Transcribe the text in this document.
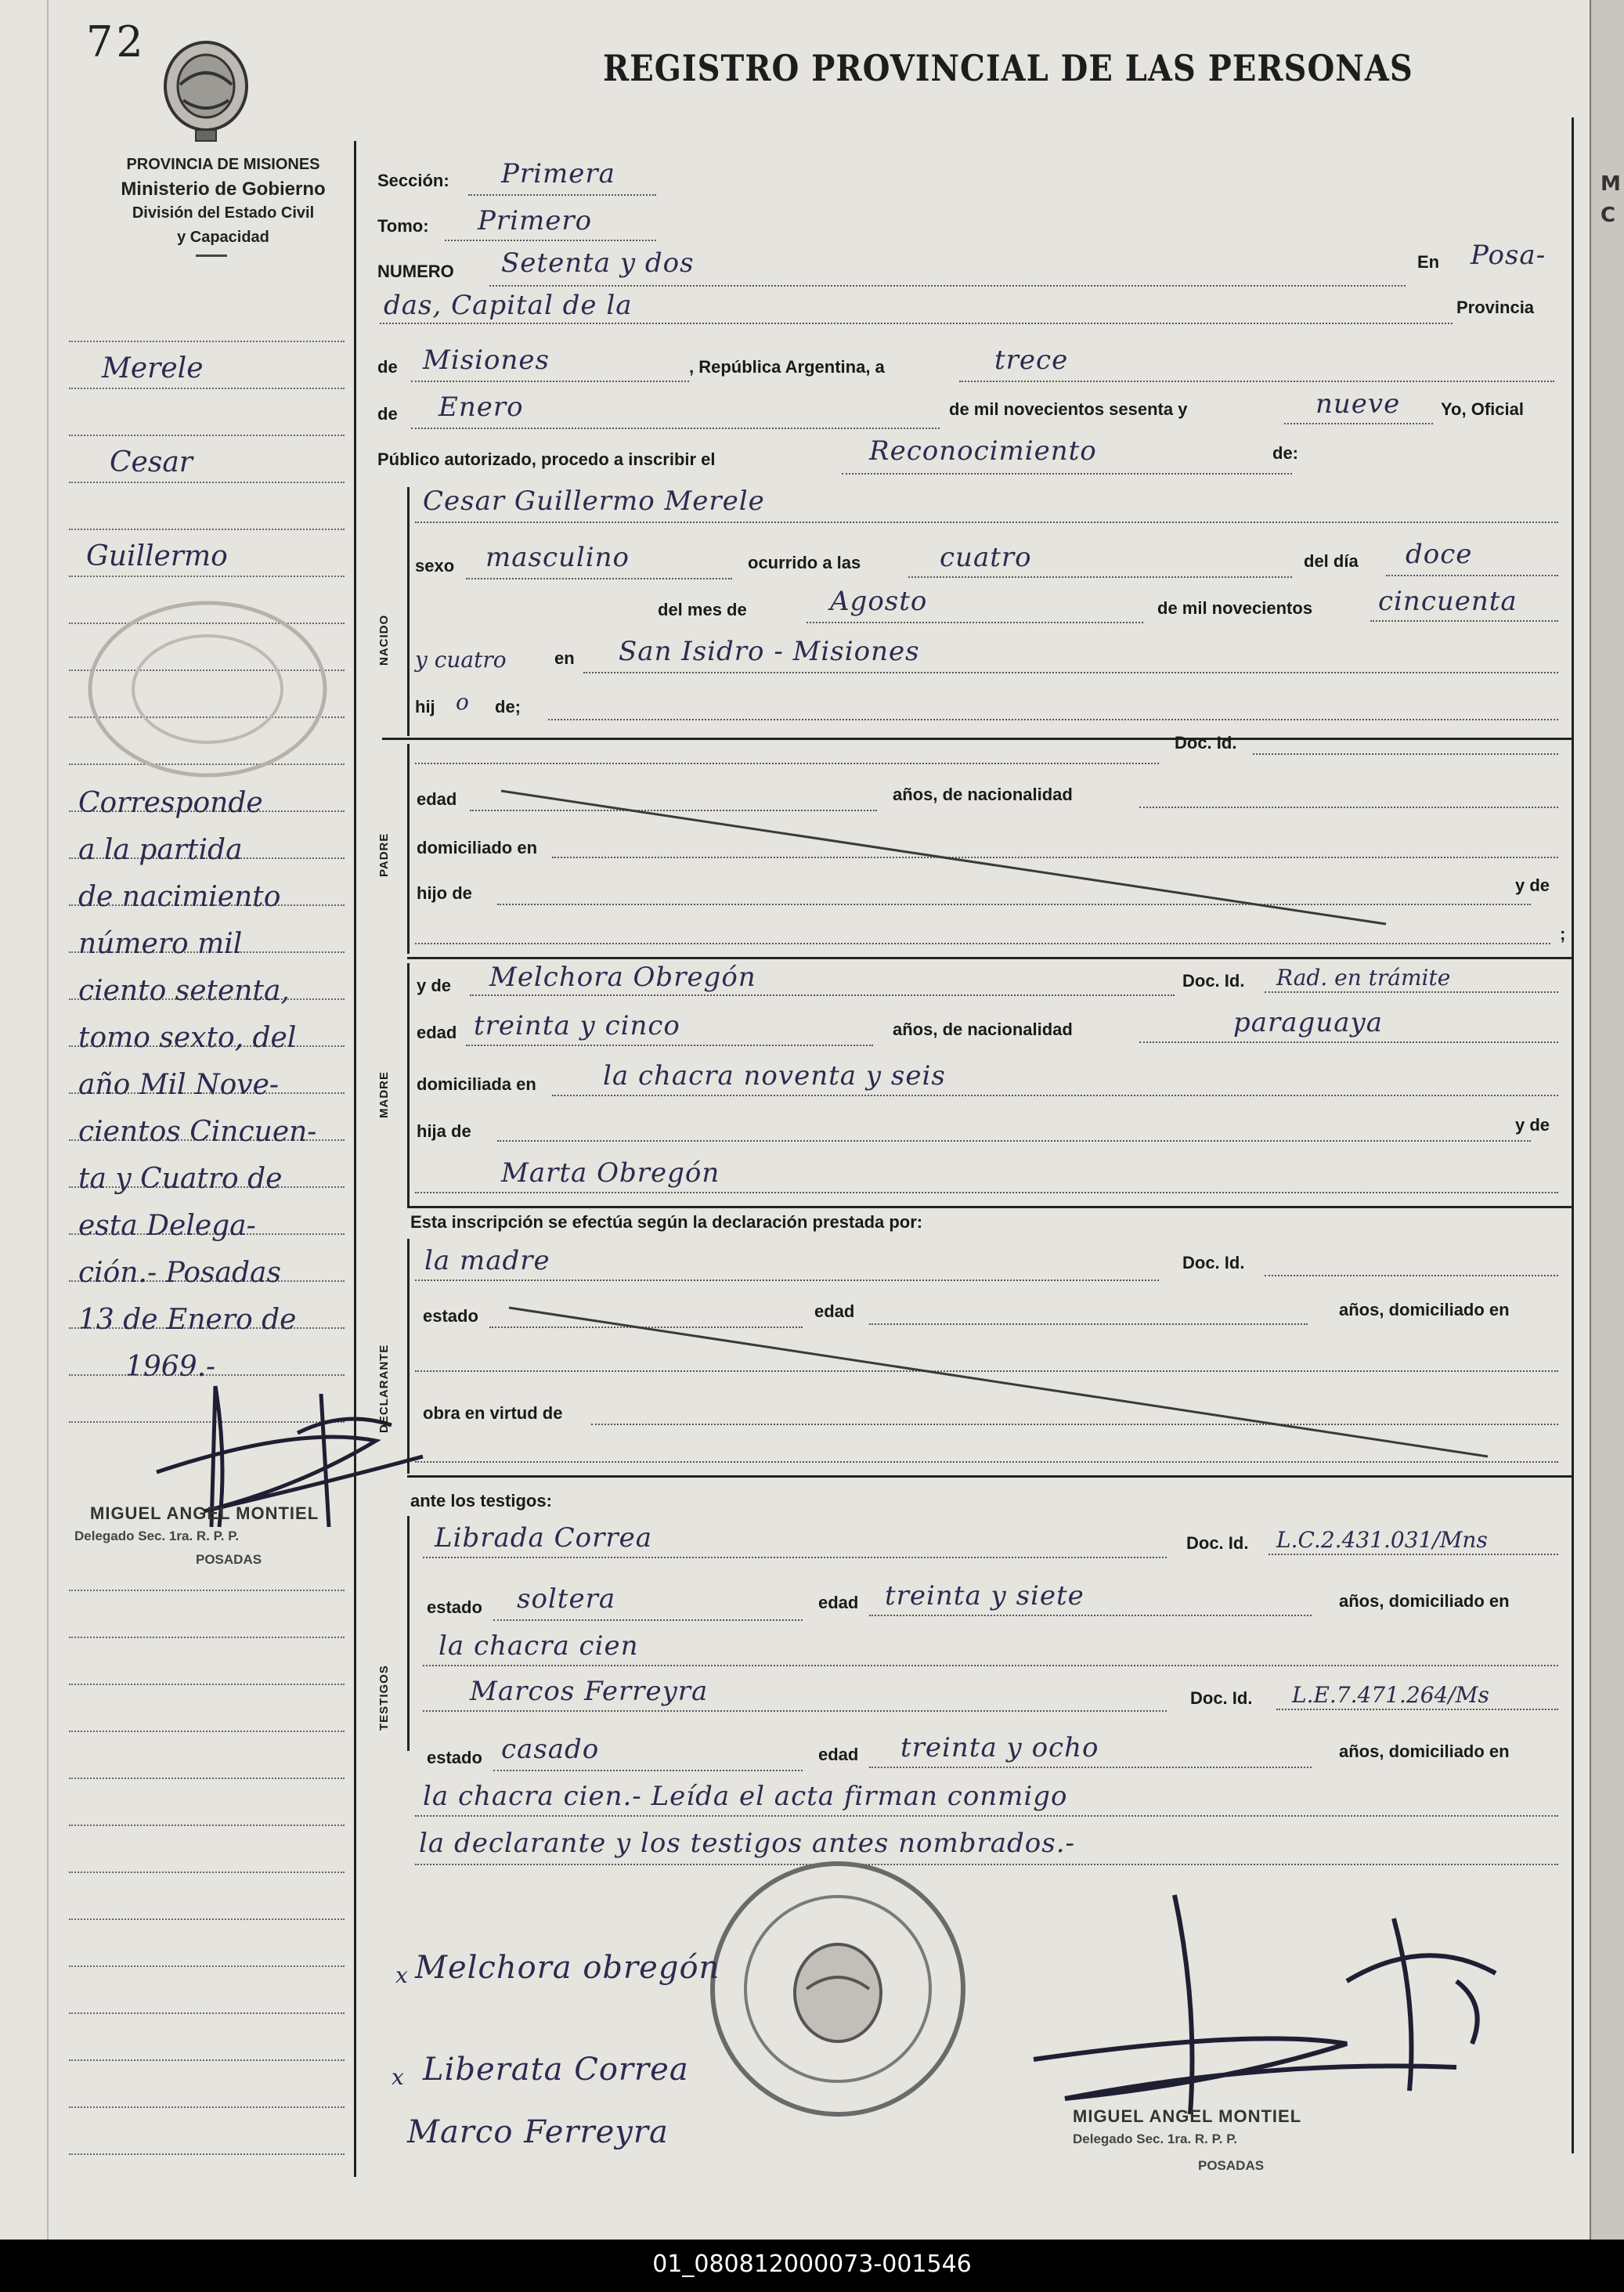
72
REGISTRO PROVINCIAL DE LAS PERSONAS
PROVINCIA DE MISIONES
Ministerio de Gobierno
División del Estado Civil
y Capacidad
Merele
Cesar
Guillermo
Corresponde
a la partida
de nacimiento
número mil
ciento setenta,
tomo sexto, del
año Mil Nove-
cientos Cincuen-
ta y Cuatro de
esta Delega-
ción.- Posadas
13 de Enero de
1969.-
MIGUEL ANGEL MONTIEL
Delegado Sec. 1ra. R. P. P.
POSADAS
Sección: Primera
Tomo: Primero
NUMERO Setenta y dos	En Posa-
das, Capital de la	Provincia
de Misiones	, República Argentina, a	trece
de Enero	de mil novecientos sesenta y	nueve Yo, Oficial
Público autorizado, procedo a inscribir el	Reconocimiento	de:
NACIDO
Cesar Guillermo Merele
sexo masculino	ocurrido a las	cuatro	del día doce
del mes de	Agosto	de mil novecientos cincuenta
y cuatro	en San Isidro - Misiones
hij o de;
PADRE
Doc. Id.
edad	años, de nacionalidad
domiciliado en
hijo de	y de
;
MADRE
y de Melchora Obregón	Doc. Id. Rad. en trámite
edad treinta y cinco	años, de nacionalidad	paraguaya
domiciliada en	la chacra noventa y seis
hija de	y de
Marta Obregón
Esta inscripción se efectúa según la declaración prestada por:
DECLARANTE
la madre	Doc. Id.
estado	edad	años, domiciliado en
obra en virtud de
ante los testigos:
TESTIGOS
Librada Correa	Doc. Id. L.C.2.431.031/Mns
estado soltera	edad treinta y siete	años, domiciliado en
la chacra cien
Marcos Ferreyra	Doc. Id. L.E.7.471.264/Ms
estado casado	edad treinta y ocho	años, domiciliado en
la chacra cien.- Leída el acta firman conmigo
la declarante y los testigos antes nombrados.-
x Melchora obregón
x Liberata Correa
Marco Ferreyra	MIGUEL ANGEL MONTIEL
Delegado Sec. 1ra. R. P. P.
POSADAS
M
C
01_080812000073-001546
